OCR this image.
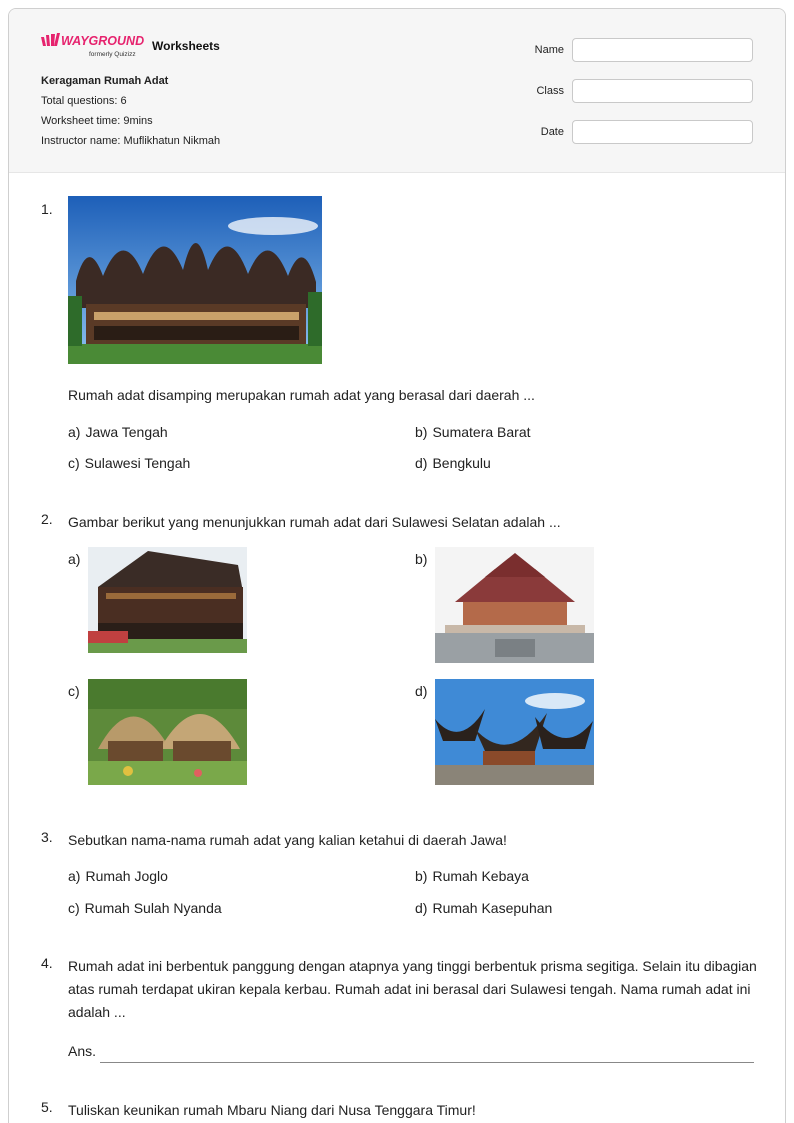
WAYGROUND
formerly Quizizz
Worksheets
Keragaman Rumah Adat
Total questions: 6
Worksheet time: 9mins
Instructor name: Muflikhatun Nikmah
Name
Class
Date
1.
Rumah adat disamping merupakan rumah adat yang berasal dari daerah ...
a) Jawa Tengah	b) Sumatera Barat
c) Sulawesi Tengah	d) Bengkulu
2.	Gambar berikut yang menunjukkan rumah adat dari Sulawesi Selatan adalah ...
a)	b)
c)	d)
3.	Sebutkan nama-nama rumah adat yang kalian ketahui di daerah Jawa!
a) Rumah Joglo	b) Rumah Kebaya
c) Rumah Sulah Nyanda	d) Rumah Kasepuhan
4.	Rumah adat ini berbentuk panggung dengan atapnya yang tinggi berbentuk prisma segitiga. Selain itu dibagian atas rumah terdapat ukiran kepala kerbau. Rumah adat ini berasal dari Sulawesi tengah. Nama rumah adat ini adalah ...
Ans.
5.	Tuliskan keunikan rumah Mbaru Niang dari Nusa Tenggara Timur!
